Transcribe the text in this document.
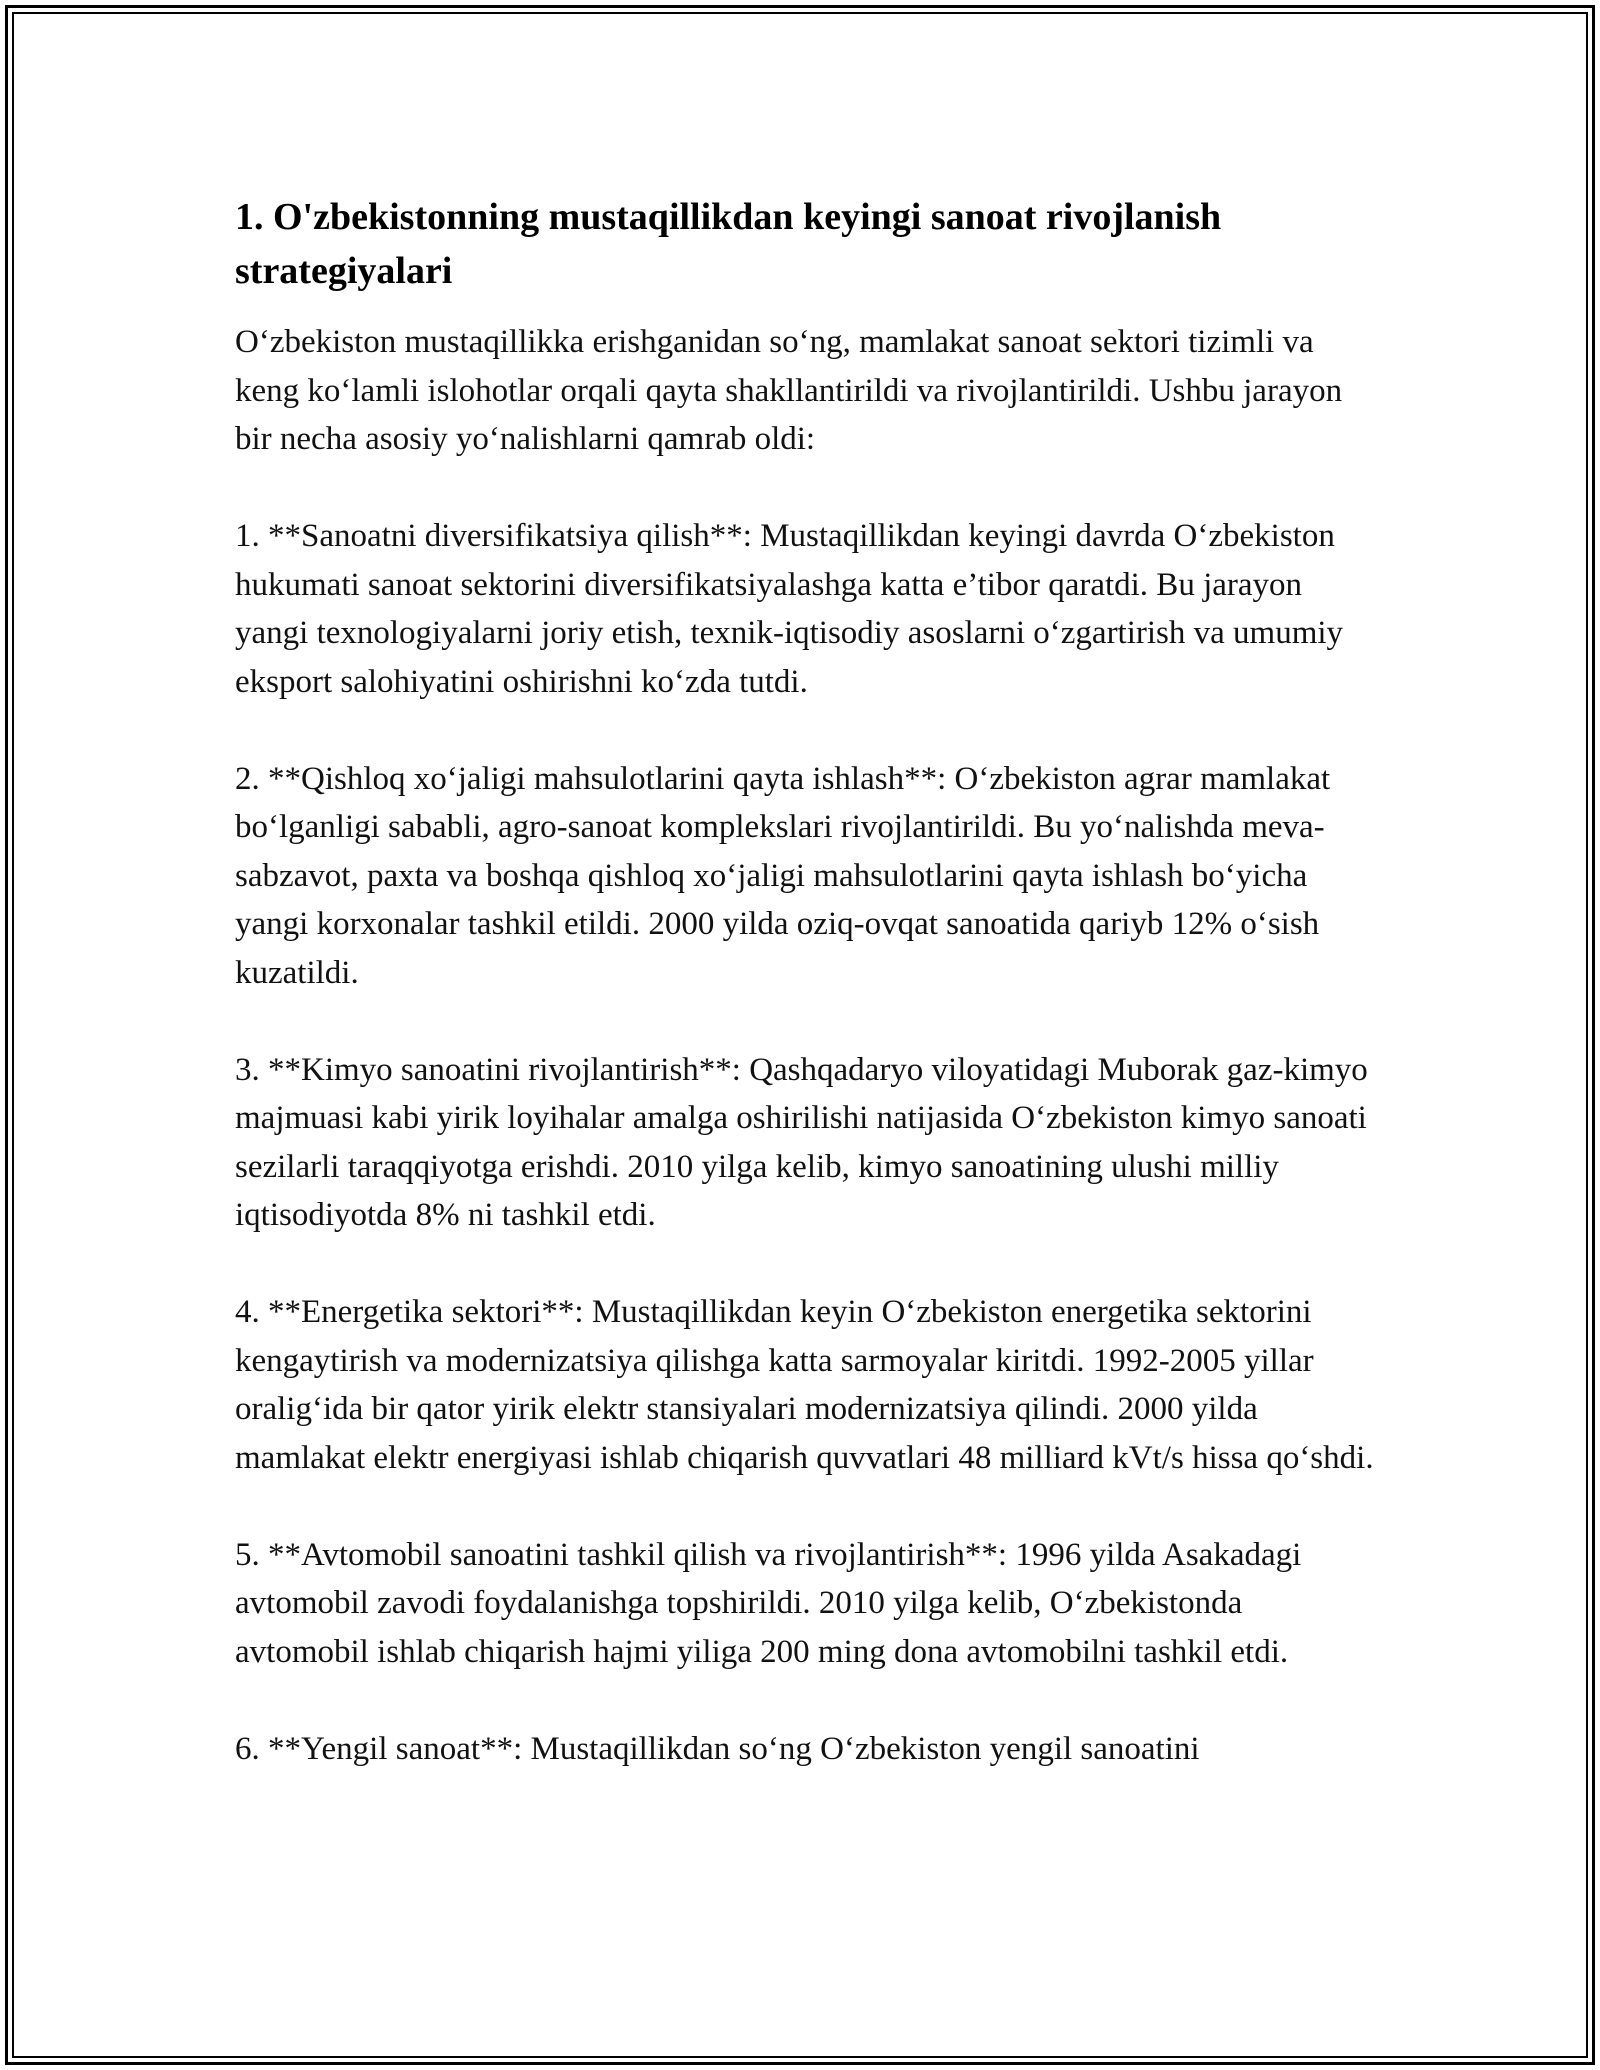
1. O'zbekistonning mustaqillikdan keyingi sanoat rivojlanish strategiyalari

O‘zbekiston mustaqillikka erishganidan so‘ng, mamlakat sanoat sektori tizimli va keng ko‘lamli islohotlar orqali qayta shakllantirildi va rivojlantirildi. Ushbu jarayon bir necha asosiy yo‘nalishlarni qamrab oldi:

1. **Sanoatni diversifikatsiya qilish**: Mustaqillikdan keyingi davrda O‘zbekiston hukumati sanoat sektorini diversifikatsiyalashga katta e’tibor qaratdi. Bu jarayon yangi texnologiyalarni joriy etish, texnik-iqtisodiy asoslarni o‘zgartirish va umumiy eksport salohiyatini oshirishni ko‘zda tutdi.

2. **Qishloq xo‘jaligi mahsulotlarini qayta ishlash**: O‘zbekiston agrar mamlakat bo‘lganligi sababli, agro-sanoat komplekslari rivojlantirildi. Bu yo‘nalishda meva-sabzavot, paxta va boshqa qishloq xo‘jaligi mahsulotlarini qayta ishlash bo‘yicha yangi korxonalar tashkil etildi. 2000 yilda oziq-ovqat sanoatida qariyb 12% o‘sish kuzatildi.

3. **Kimyo sanoatini rivojlantirish**: Qashqadaryo viloyatidagi Muborak gaz-kimyo majmuasi kabi yirik loyihalar amalga oshirilishi natijasida O‘zbekiston kimyo sanoati sezilarli taraqqiyotga erishdi. 2010 yilga kelib, kimyo sanoatining ulushi milliy iqtisodiyotda 8% ni tashkil etdi.

4. **Energetika sektori**: Mustaqillikdan keyin O‘zbekiston energetika sektorini kengaytirish va modernizatsiya qilishga katta sarmoyalar kiritdi. 1992-2005 yillar oralig‘ida bir qator yirik elektr stansiyalari modernizatsiya qilindi. 2000 yilda mamlakat elektr energiyasi ishlab chiqarish quvvatlari 48 milliard kVt/s hissa qo‘shdi.

5. **Avtomobil sanoatini tashkil qilish va rivojlantirish**: 1996 yilda Asakadagi avtomobil zavodi foydalanishga topshirildi. 2010 yilga kelib, O‘zbekistonda avtomobil ishlab chiqarish hajmi yiliga 200 ming dona avtomobilni tashkil etdi.

6. **Yengil sanoat**: Mustaqillikdan so‘ng O‘zbekiston yengil sanoatini
